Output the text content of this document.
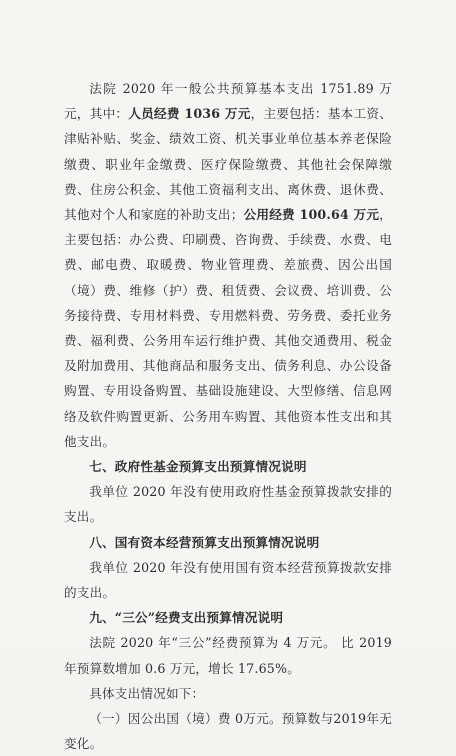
法院 2020 年一般公共预算基本支出 1751.89 万元，其中：人员经费 1036 万元，主要包括：基本工资、津贴补贴、奖金、绩效工资、机关事业单位基本养老保险缴费、职业年金缴费、医疗保险缴费、其他社会保障缴费、住房公积金、其他工资福利支出、离休费、退休费、其他对个人和家庭的补助支出；公用经费 100.64 万元，主要包括：办公费、印刷费、咨询费、手续费、水费、电费、邮电费、取暖费、物业管理费、差旅费、因公出国（境）费、维修（护）费、租赁费、会议费、培训费、公务接待费、专用材料费、专用燃料费、劳务费、委托业务费、福利费、公务用车运行维护费、其他交通费用、税金及附加费用、其他商品和服务支出、债务利息、办公设备购置、专用设备购置、基础设施建设、大型修缮、信息网络及软件购置更新、公务用车购置、其他资本性支出和其他支出。

七、政府性基金预算支出预算情况说明

我单位 2020 年没有使用政府性基金预算拨款安排的支出。

八、国有资本经营预算支出预算情况说明

我单位 2020 年没有使用国有资本经营预算拨款安排的支出。

九、“三公”经费支出预算情况说明

法院 2020 年“三公”经费预算为 4 万元。 比 2019 年预算数增加 0.6 万元，增长 17.65%。

具体支出情况如下：

（一）因公出国（境）费 0万元。预算数与2019年无变化。
